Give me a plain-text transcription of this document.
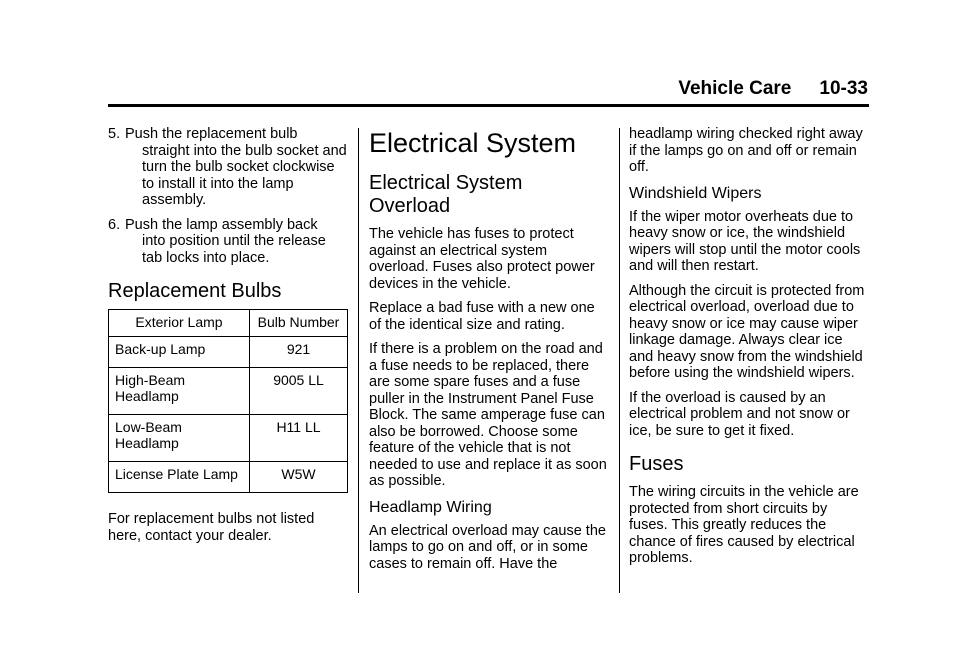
Vehicle Care 10-33
5. Push the replacement bulb
straight into the bulb socket and turn the bulb socket clockwise to install it into the lamp assembly.
6. Push the lamp assembly back
into position until the release tab locks into place.
Replacement Bulbs
Exterior Lamp	Bulb Number
Back-up Lamp	921
High-Beam Headlamp	9005 LL
Low-Beam Headlamp	H11 LL
License Plate Lamp	W5W

For replacement bulbs not listed here, contact your dealer.

Electrical System
Electrical System Overload

The vehicle has fuses to protect against an electrical system overload. Fuses also protect power devices in the vehicle.

Replace a bad fuse with a new one of the identical size and rating.

If there is a problem on the road and a fuse needs to be replaced, there are some spare fuses and a fuse puller in the Instrument Panel Fuse Block. The same amperage fuse can also be borrowed. Choose some feature of the vehicle that is not needed to use and replace it as soon as possible.

Headlamp Wiring

An electrical overload may cause the lamps to go on and off, or in some cases to remain off. Have the

headlamp wiring checked right away if the lamps go on and off or remain off.

Windshield Wipers

If the wiper motor overheats due to heavy snow or ice, the windshield wipers will stop until the motor cools and will then restart.

Although the circuit is protected from electrical overload, overload due to heavy snow or ice may cause wiper linkage damage. Always clear ice and heavy snow from the windshield before using the windshield wipers.

If the overload is caused by an electrical problem and not snow or ice, be sure to get it fixed.

Fuses

The wiring circuits in the vehicle are protected from short circuits by fuses. This greatly reduces the chance of fires caused by electrical problems.
